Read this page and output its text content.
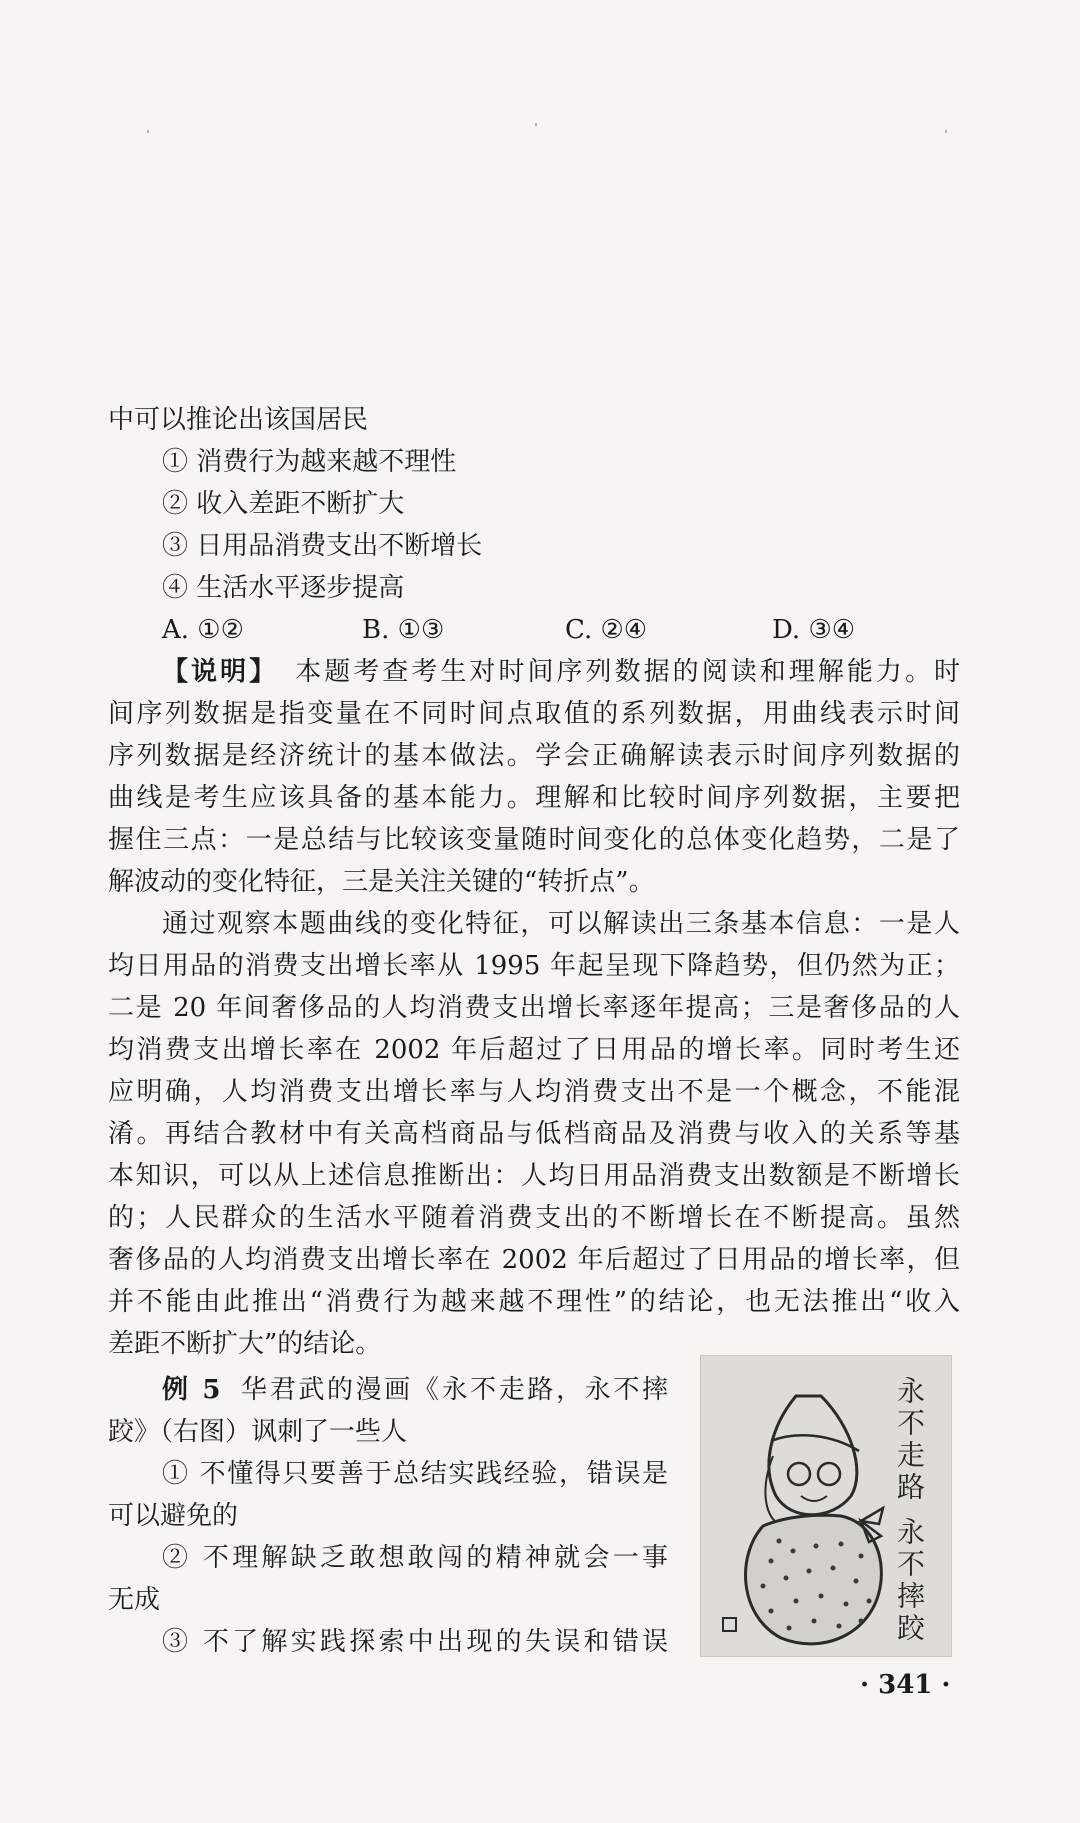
中可以推论出该国居民
① 消费行为越来越不理性
② 收入差距不断扩大
③ 日用品消费支出不断增长
④ 生活水平逐步提高
A. ①②	B. ①③	C. ②④	D. ③④
【说明】 本题考查考生对时间序列数据的阅读和理解能力。时
间序列数据是指变量在不同时间点取值的系列数据，用曲线表示时间
序列数据是经济统计的基本做法。学会正确解读表示时间序列数据的
曲线是考生应该具备的基本能力。理解和比较时间序列数据，主要把
握住三点：一是总结与比较该变量随时间变化的总体变化趋势，二是了
解波动的变化特征，三是关注关键的“转折点”。
通过观察本题曲线的变化特征，可以解读出三条基本信息：一是人
均日用品的消费支出增长率从 1995 年起呈现下降趋势，但仍然为正；
二是 20 年间奢侈品的人均消费支出增长率逐年提高；三是奢侈品的人
均消费支出增长率在 2002 年后超过了日用品的增长率。同时考生还
应明确，人均消费支出增长率与人均消费支出不是一个概念，不能混
淆。再结合教材中有关高档商品与低档商品及消费与收入的关系等基
本知识，可以从上述信息推断出：人均日用品消费支出数额是不断增长
的；人民群众的生活水平随着消费支出的不断增长在不断提高。虽然
奢侈品的人均消费支出增长率在 2002 年后超过了日用品的增长率，但
并不能由此推出“消费行为越来越不理性”的结论，也无法推出“收入
差距不断扩大”的结论。
例 5 华君武的漫画《永不走路，永不摔
跤》（右图）讽刺了一些人
① 不懂得只要善于总结实践经验，错误是
可以避免的
② 不理解缺乏敢想敢闯的精神就会一事
无成
③ 不了解实践探索中出现的失误和错误	永不走路 永不摔跤
· 341 ·
